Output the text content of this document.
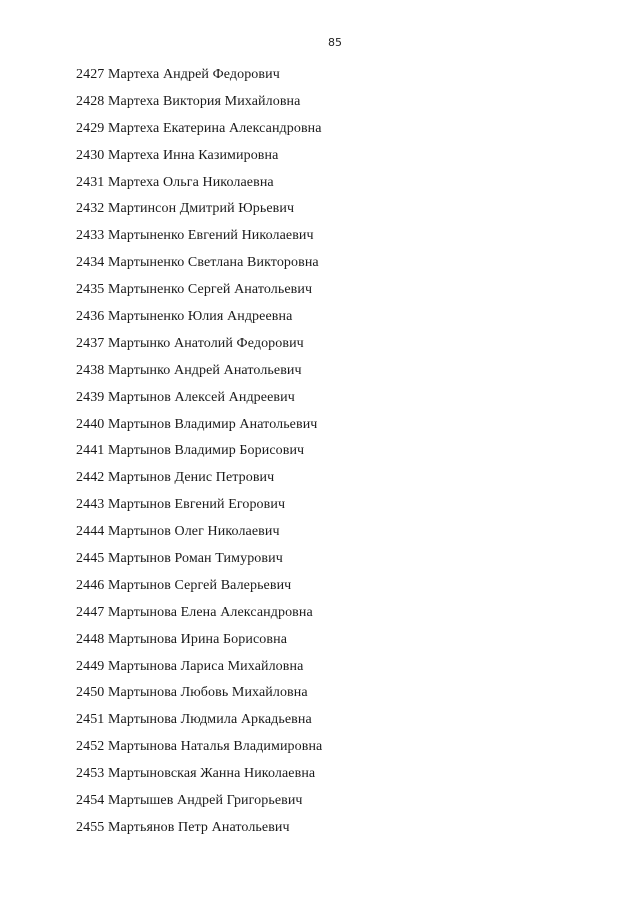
85
2427 Мартеха Андрей Федорович
2428 Мартеха Виктория Михайловна
2429 Мартеха Екатерина Александровна
2430 Мартеха Инна Казимировна
2431 Мартеха Ольга Николаевна
2432 Мартинсон Дмитрий Юрьевич
2433 Мартыненко Евгений Николаевич
2434 Мартыненко Светлана Викторовна
2435 Мартыненко Сергей Анатольевич
2436 Мартыненко Юлия Андреевна
2437 Мартынко Анатолий Федорович
2438 Мартынко Андрей Анатольевич
2439 Мартынов Алексей Андреевич
2440 Мартынов Владимир Анатольевич
2441 Мартынов Владимир Борисович
2442 Мартынов Денис Петрович
2443 Мартынов Евгений Егорович
2444 Мартынов Олег Николаевич
2445 Мартынов Роман Тимурович
2446 Мартынов Сергей Валерьевич
2447 Мартынова Елена Александровна
2448 Мартынова Ирина Борисовна
2449 Мартынова Лариса Михайловна
2450 Мартынова Любовь Михайловна
2451 Мартынова Людмила Аркадьевна
2452 Мартынова Наталья Владимировна
2453 Мартыновская Жанна Николаевна
2454 Мартышев Андрей Григорьевич
2455 Мартьянов Петр Анатольевич
